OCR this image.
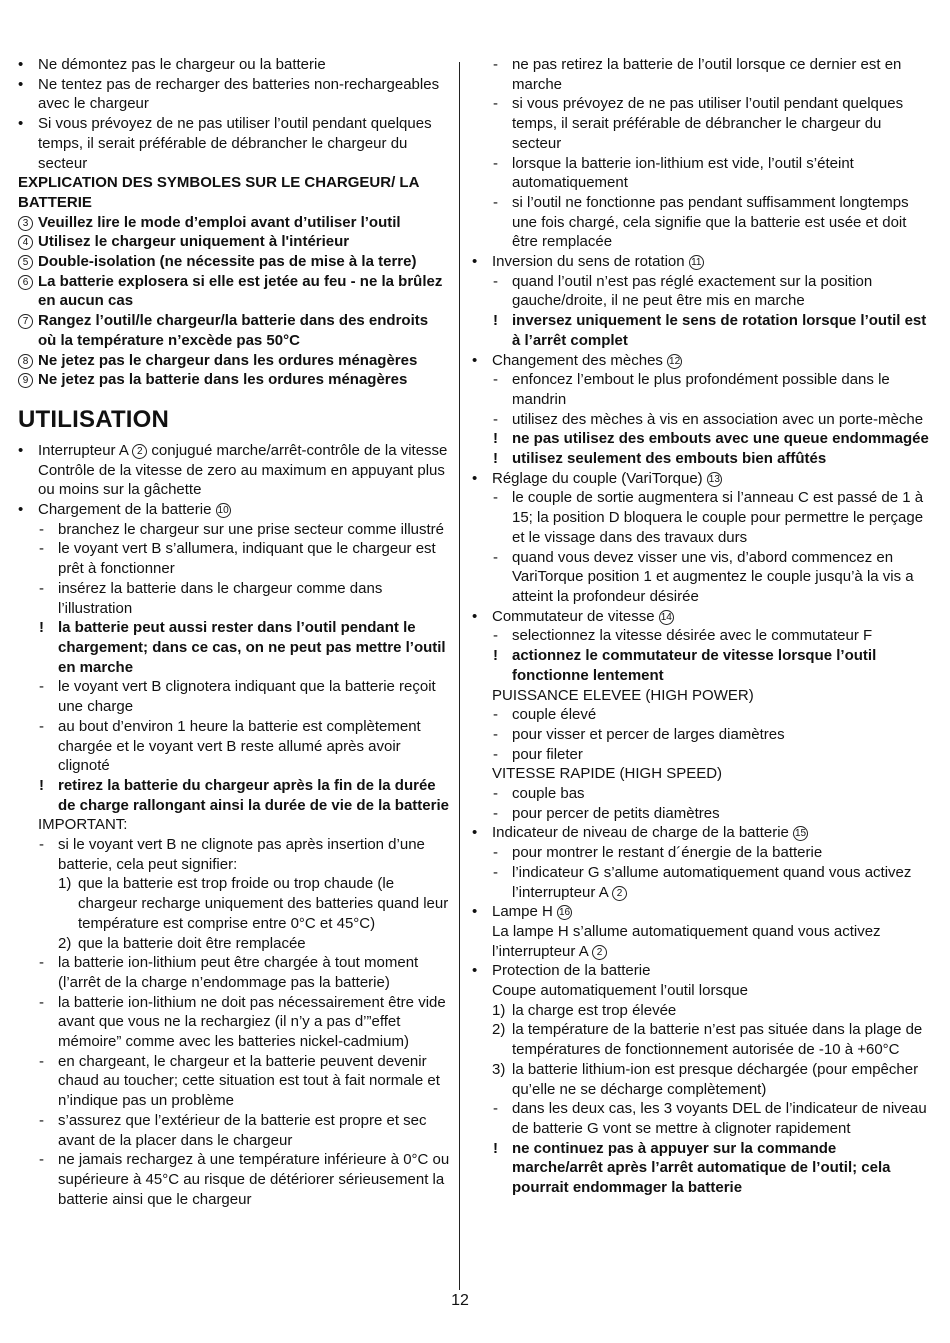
• Ne démontez pas le chargeur ou la batterie
• Ne tentez pas de recharger des batteries non-rechargeables avec le chargeur
• Si vous prévoyez de ne pas utiliser l’outil pendant quelques temps, il serait préférable de débrancher le chargeur du secteur
EXPLICATION DES SYMBOLES SUR LE CHARGEUR/ LA BATTERIE
3 Veuillez lire le mode d’emploi avant d’utiliser l’outil
4 Utilisez le chargeur uniquement à l'intérieur
5 Double-isolation (ne nécessite pas de mise à la terre)
6 La batterie explosera si elle est jetée au feu - ne la brûlez en aucun cas
7 Rangez l’outil/le chargeur/la batterie dans des endroits où la température n’excède pas 50°C
8 Ne jetez pas le chargeur dans les ordures ménagères
9 Ne jetez pas la batterie dans les ordures ménagères
UTILISATION
• Interrupteur A 2 conjugué marche/arrêt-contrôle de la vitesse
Contrôle de la vitesse de zero au maximum en appuyant plus ou moins sur la gâchette
• Chargement de la batterie 10
- branchez le chargeur sur une prise secteur comme illustré
- le voyant vert B s’allumera, indiquant que le chargeur est prêt à fonctionner
- insérez la batterie dans le chargeur comme dans l’illustration
! la batterie peut aussi rester dans l’outil pendant le chargement; dans ce cas, on ne peut pas mettre l’outil en marche
- le voyant vert B clignotera indiquant que la batterie reçoit une charge
- au bout d’environ 1 heure la batterie est complètement chargée et le voyant vert B reste allumé après avoir clignoté
! retirez la batterie du chargeur après la fin de la durée de charge rallongant ainsi la durée de vie de la batterie
IMPORTANT:
- si le voyant vert B ne clignote pas après insertion d’une batterie, cela peut signifier:
1) que la batterie est trop froide ou trop chaude (le chargeur recharge uniquement des batteries quand leur température est comprise entre 0°C et 45°C)
2) que la batterie doit être remplacée
- la batterie ion-lithium peut être chargée à tout moment (l’arrêt de la charge n’endommage pas la batterie)
- la batterie ion-lithium ne doit pas nécessairement être vide avant que vous ne la rechargiez (il n’y a pas d’”effet mémoire” comme avec les batteries nickel-cadmium)
- en chargeant, le chargeur et la batterie peuvent devenir chaud au toucher; cette situation est tout à fait normale et n’indique pas un problème
- s’assurez que l’extérieur de la batterie est propre et sec avant de la placer dans le chargeur
- ne jamais rechargez à une température inférieure à 0°C ou supérieure à 45°C au risque de détériorer sérieusement la batterie ainsi que le chargeur
- ne pas retirez la batterie de l’outil lorsque ce dernier est en marche
- si vous prévoyez de ne pas utiliser l’outil pendant quelques temps, il serait préférable de débrancher le chargeur du secteur
- lorsque la batterie ion-lithium est vide, l’outil s’éteint automatiquement
- si l’outil ne fonctionne pas pendant suffisamment longtemps une fois chargé, cela signifie que la batterie est usée et doit être remplacée
• Inversion du sens de rotation 11
- quand l’outil n’est pas réglé exactement sur la position gauche/droite, il ne peut être mis en marche
! inversez uniquement le sens de rotation lorsque l’outil est à l’arrêt complet
• Changement des mèches 12
- enfoncez l’embout le plus profondément possible dans le mandrin
- utilisez des mèches à vis en association avec un porte-mèche
! ne pas utilisez des embouts avec une queue endommagée
! utilisez seulement des embouts bien affûtés
• Réglage du couple (VariTorque) 13
- le couple de sortie augmentera si l’anneau C est passé de 1 à 15; la position D bloquera le couple pour permettre le perçage et le vissage dans des travaux durs
- quand vous devez visser une vis, d’abord commencez en VariTorque position 1 et augmentez le couple jusqu’à la vis a atteint la profondeur désirée
• Commutateur de vitesse 14
- selectionnez la vitesse désirée avec le commutateur F
! actionnez le commutateur de vitesse lorsque l’outil fonctionne lentement
PUISSANCE ELEVEE (HIGH POWER)
- couple élevé
- pour visser et percer de larges diamètres
- pour fileter
VITESSE RAPIDE (HIGH SPEED)
- couple bas
- pour percer de petits diamètres
• Indicateur de niveau de charge de la batterie 15
- pour montrer le restant d´énergie de la batterie
- l’indicateur G s’allume automatiquement quand vous activez l’interrupteur A 2
• Lampe H 16
La lampe H s’allume automatiquement quand vous activez l’interrupteur A 2
• Protection de la batterie
Coupe automatiquement l’outil lorsque
1) la charge est trop élevée
2) la température de la batterie n’est pas située dans la plage de températures de fonctionnement autorisée de -10 à +60°C
3) la batterie lithium-ion est presque déchargée (pour empêcher qu’elle ne se décharge complètement)
- dans les deux cas, les 3 voyants DEL de l’indicateur de niveau de batterie G vont se mettre à clignoter rapidement
! ne continuez pas à appuyer sur la commande marche/arrêt après l’arrêt automatique de l’outil; cela pourrait endommager la batterie
12
